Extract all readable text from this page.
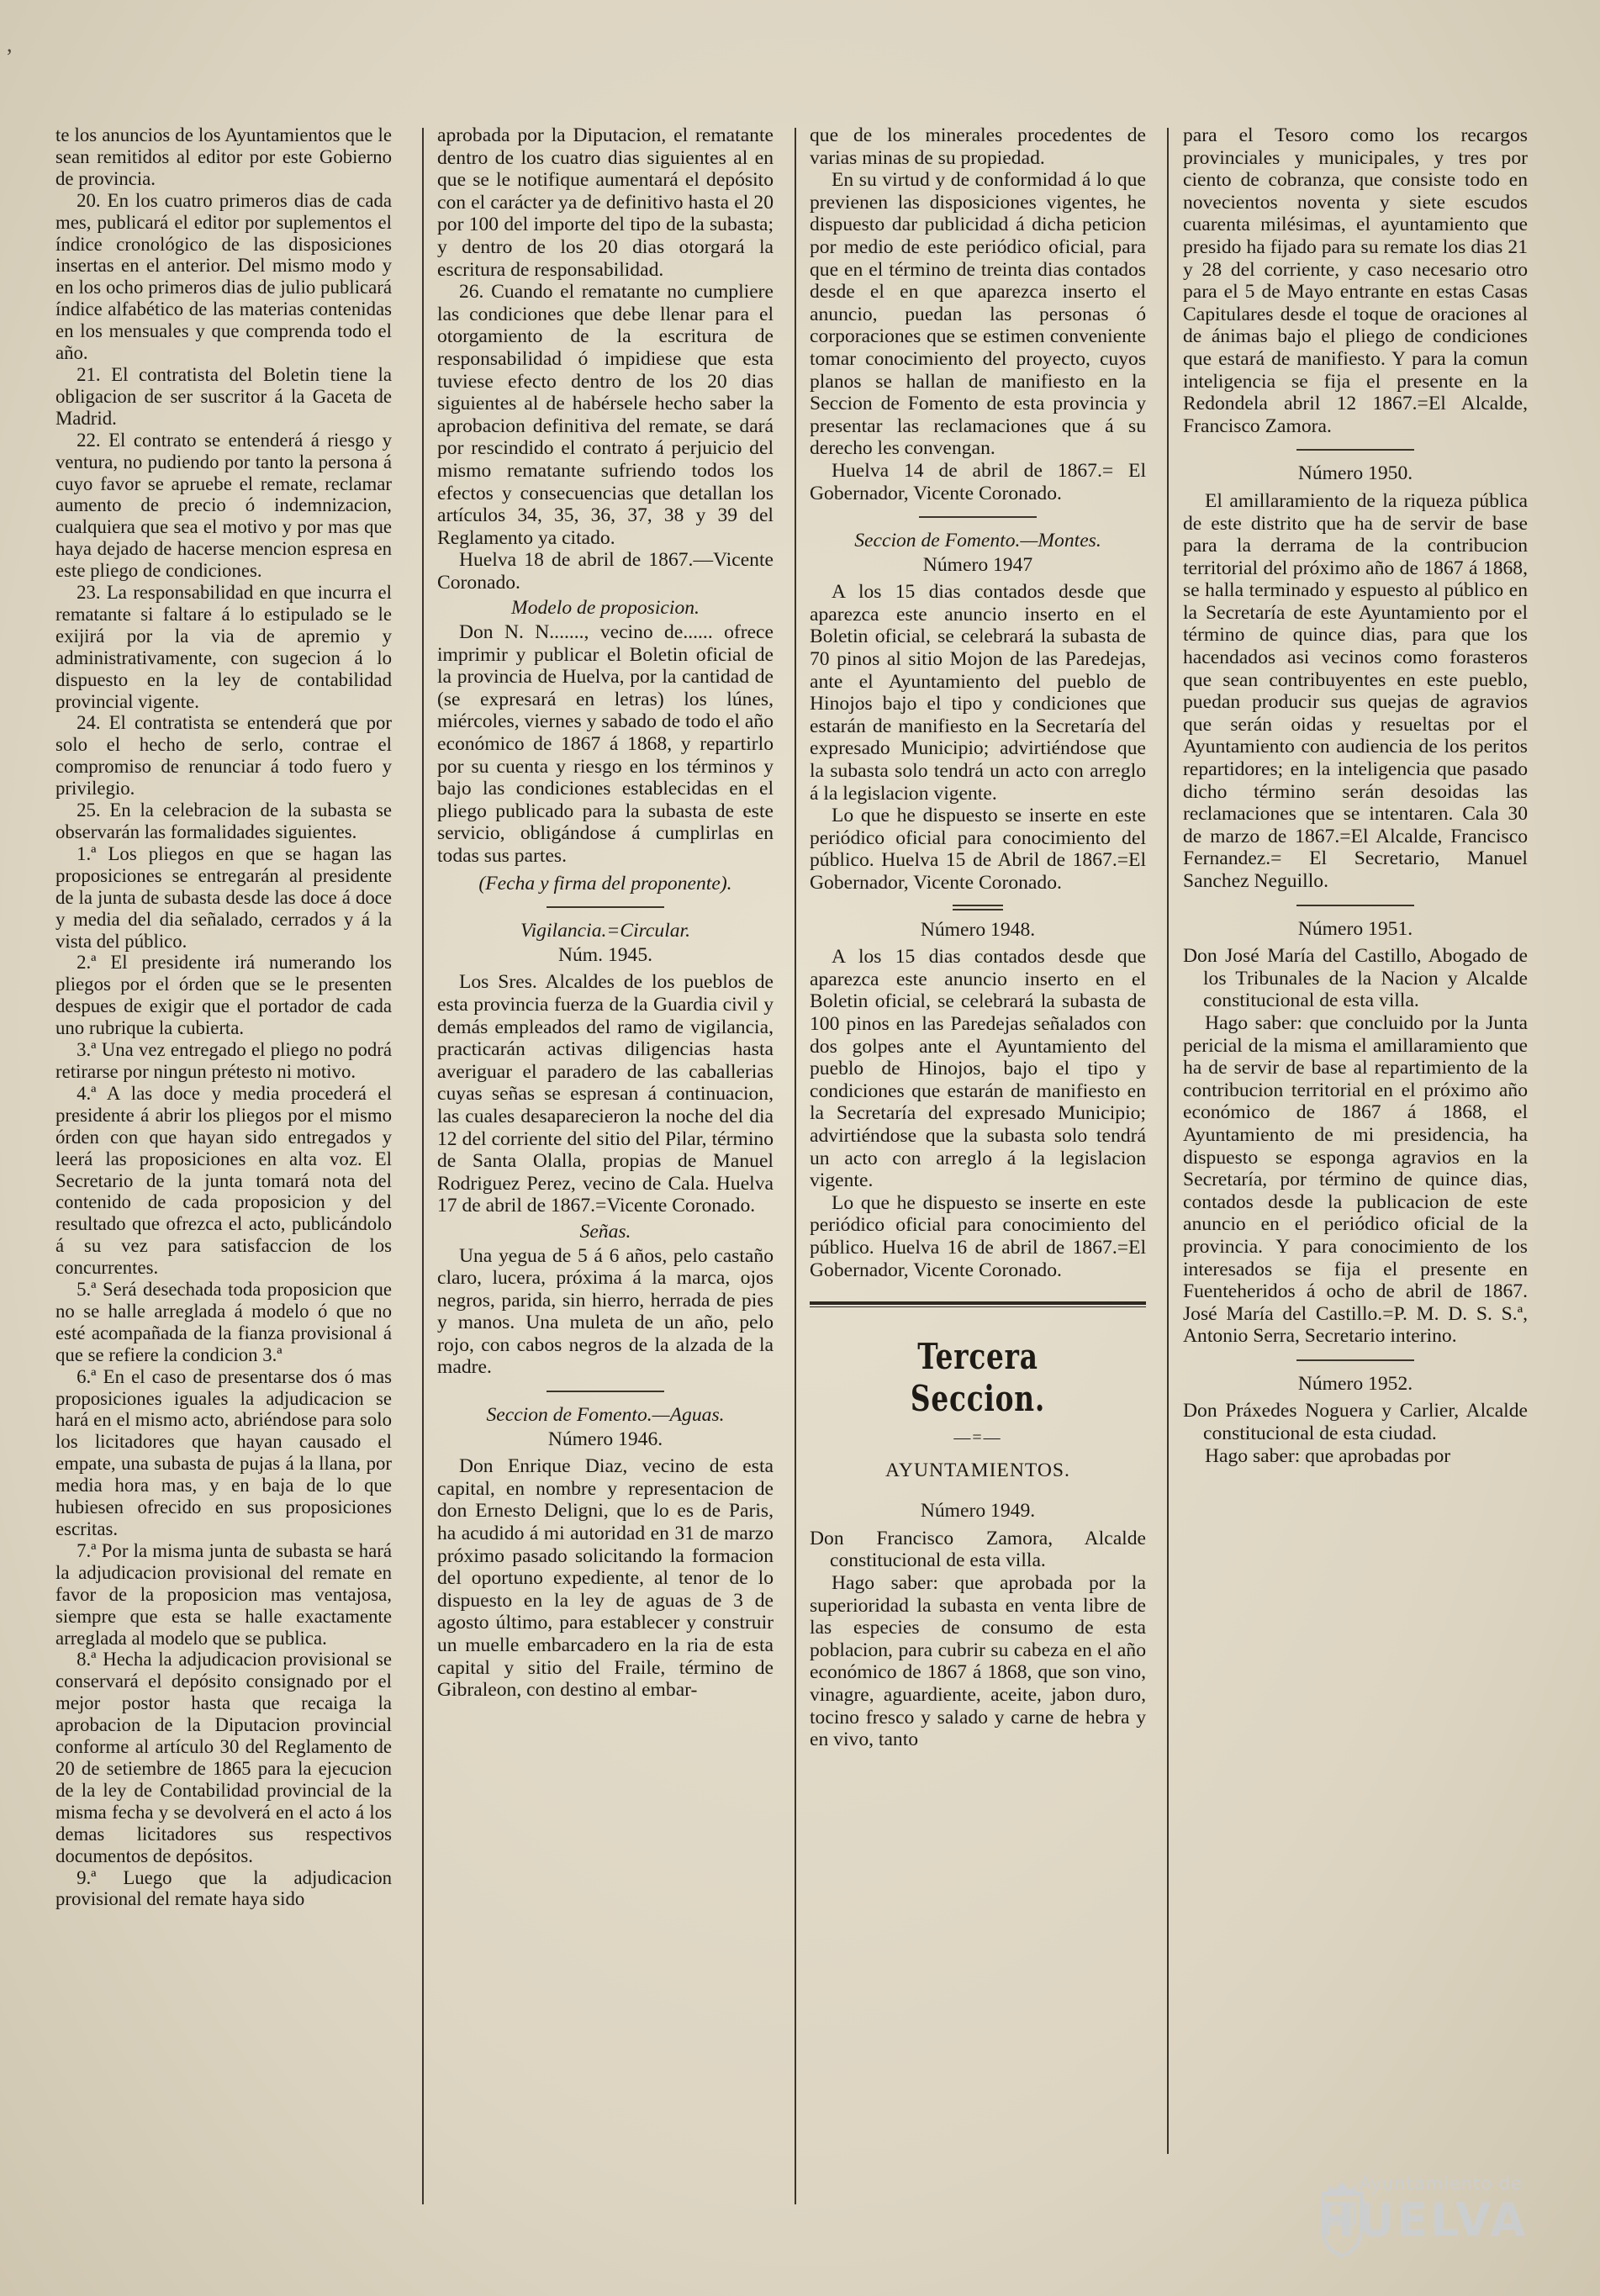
,

te los anuncios de los Ayuntamientos que le sean remitidos al editor por este Gobierno de provincia.

20. En los cuatro primeros dias de cada mes, publicará el editor por suplementos el índice cronológico de las disposiciones insertas en el anterior. Del mismo modo y en los ocho primeros dias de julio publicará índice alfabético de las materias contenidas en los mensuales y que comprenda todo el año.

21. El contratista del Boletin tiene la obligacion de ser suscritor á la Gaceta de Madrid.

22. El contrato se entenderá á riesgo y ventura, no pudiendo por tanto la persona á cuyo favor se apruebe el remate, reclamar aumento de precio ó indemnizacion, cualquiera que sea el motivo y por mas que haya dejado de hacerse mencion espresa en este pliego de condiciones.

23. La responsabilidad en que incurra el rematante si faltare á lo estipulado se le exijirá por la via de apremio y administrativamente, con sugecion á lo dispuesto en la ley de contabilidad provincial vigente.

24. El contratista se entenderá que por solo el hecho de serlo, contrae el compromiso de renunciar á todo fuero y privilegio.

25. En la celebracion de la subasta se observarán las formalidades siguientes.

1.ª Los pliegos en que se hagan las proposiciones se entregarán al presidente de la junta de subasta desde las doce á doce y media del dia señalado, cerrados y á la vista del público.

2.ª El presidente irá numerando los pliegos por el órden que se le presenten despues de exigir que el portador de cada uno rubrique la cubierta.

3.ª Una vez entregado el pliego no podrá retirarse por ningun prétesto ni motivo.

4.ª A las doce y media procederá el presidente á abrir los pliegos por el mismo órden con que hayan sido entregados y leerá las proposiciones en alta voz. El Secretario de la junta tomará nota del contenido de cada proposicion y del resultado que ofrezca el acto, publicándolo á su vez para satisfaccion de los concurrentes.

5.ª Será desechada toda proposicion que no se halle arreglada á modelo ó que no esté acompañada de la fianza provisional á que se refiere la condicion 3.ª

6.ª En el caso de presentarse dos ó mas proposiciones iguales la adjudicacion se hará en el mismo acto, abriéndose para solo los licitadores que hayan causado el empate, una subasta de pujas á la llana, por media hora mas, y en baja de lo que hubiesen ofrecido en sus proposiciones escritas.

7.ª Por la misma junta de subasta se hará la adjudicacion provisional del remate en favor de la proposicion mas ventajosa, siempre que esta se halle exactamente arreglada al modelo que se publica.

8.ª Hecha la adjudicacion provisional se conservará el depósito consignado por el mejor postor hasta que recaiga la aprobacion de la Diputacion provincial conforme al artículo 30 del Reglamento de 20 de setiembre de 1865 para la ejecucion de la ley de Contabilidad provincial de la misma fecha y se devolverá en el acto á los demas licitadores sus respectivos documentos de depósitos.

9.ª Luego que la adjudicacion provisional del remate haya sido

aprobada por la Diputacion, el rematante dentro de los cuatro dias siguientes al en que se le notifique aumentará el depósito con el carácter ya de definitivo hasta el 20 por 100 del importe del tipo de la subasta; y dentro de los 20 dias otorgará la escritura de responsabilidad.

26. Cuando el rematante no cumpliere las condiciones que debe llenar para el otorgamiento de la escritura de responsabilidad ó impidiese que esta tuviese efecto dentro de los 20 dias siguientes al de habérsele hecho saber la aprobacion definitiva del remate, se dará por rescindido el contrato á perjuicio del mismo rematante sufriendo todos los efectos y consecuencias que detallan los artículos 34, 35, 36, 37, 38 y 39 del Reglamento ya citado.

Huelva 18 de abril de 1867.—Vicente Coronado.

Modelo de proposicion.

Don N. N......., vecino de...... ofrece imprimir y publicar el Boletin oficial de la provincia de Huelva, por la cantidad de (se expresará en letras) los lúnes, miércoles, viernes y sabado de todo el año económico de 1867 á 1868, y repartirlo por su cuenta y riesgo en los términos y bajo las condiciones establecidas en el pliego publicado para la subasta de este servicio, obligándose á cumplirlas en todas sus partes.

(Fecha y firma del proponente).

Vigilancia.=Circular.

Núm. 1945.

Los Sres. Alcaldes de los pueblos de esta provincia fuerza de la Guardia civil y demás empleados del ramo de vigilancia, practicarán activas diligencias hasta averiguar el paradero de las caballerias cuyas señas se espresan á continuacion, las cuales desaparecieron la noche del dia 12 del corriente del sitio del Pilar, término de Santa Olalla, propias de Manuel Rodriguez Perez, vecino de Cala. Huelva 17 de abril de 1867.=Vicente Coronado.

Señas.

Una yegua de 5 á 6 años, pelo castaño claro, lucera, próxima á la marca, ojos negros, parida, sin hierro, herrada de pies y manos. Una muleta de un año, pelo rojo, con cabos negros de la alzada de la madre.

Seccion de Fomento.—Aguas.

Número 1946.

Don Enrique Diaz, vecino de esta capital, en nombre y representacion de don Ernesto Deligni, que lo es de Paris, ha acudido á mi autoridad en 31 de marzo próximo pasado solicitando la formacion del oportuno expediente, al tenor de lo dispuesto en la ley de aguas de 3 de agosto último, para establecer y construir un muelle embarcadero en la ria de esta capital y sitio del Fraile, término de Gibraleon, con destino al embar-

que de los minerales procedentes de varias minas de su propiedad.

En su virtud y de conformidad á lo que previenen las disposiciones vigentes, he dispuesto dar publicidad á dicha peticion por medio de este periódico oficial, para que en el término de treinta dias contados desde el en que aparezca inserto el anuncio, puedan las personas ó corporaciones que se estimen conveniente tomar conocimiento del proyecto, cuyos planos se hallan de manifiesto en la Seccion de Fomento de esta provincia y presentar las reclamaciones que á su derecho les convengan.

Huelva 14 de abril de 1867.= El Gobernador, Vicente Coronado.

Seccion de Fomento.—Montes.

Número 1947

A los 15 dias contados desde que aparezca este anuncio inserto en el Boletin oficial, se celebrará la subasta de 70 pinos al sitio Mojon de las Paredejas, ante el Ayuntamiento del pueblo de Hinojos bajo el tipo y condiciones que estarán de manifiesto en la Secretaría del expresado Municipio; advirtiéndose que la subasta solo tendrá un acto con arreglo á la legislacion vigente.

Lo que he dispuesto se inserte en este periódico oficial para conocimiento del público. Huelva 15 de Abril de 1867.=El Gobernador, Vicente Coronado.

Número 1948.

A los 15 dias contados desde que aparezca este anuncio inserto en el Boletin oficial, se celebrará la subasta de 100 pinos en las Paredejas señalados con dos golpes ante el Ayuntamiento del pueblo de Hinojos, bajo el tipo y condiciones que estarán de manifiesto en la Secretaría del expresado Municipio; advirtiéndose que la subasta solo tendrá un acto con arreglo á la legislacion vigente.

Lo que he dispuesto se inserte en este periódico oficial para conocimiento del público. Huelva 16 de abril de 1867.=El Gobernador, Vicente Coronado.

Tercera Seccion.

—=—

AYUNTAMIENTOS.

Número 1949.

Don Francisco Zamora, Alcalde constitucional de esta villa.

Hago saber: que aprobada por la superioridad la subasta en venta libre de las especies de consumo de esta poblacion, para cubrir su cabeza en el año económico de 1867 á 1868, que son vino, vinagre, aguardiente, aceite, jabon duro, tocino fresco y salado y carne de hebra y en vivo, tanto

para el Tesoro como los recargos provinciales y municipales, y tres por ciento de cobranza, que consiste todo en novecientos noventa y siete escudos cuarenta milésimas, el ayuntamiento que presido ha fijado para su remate los dias 21 y 28 del corriente, y caso necesario otro para el 5 de Mayo entrante en estas Casas Capitulares desde el toque de oraciones al de ánimas bajo el pliego de condiciones que estará de manifiesto. Y para la comun inteligencia se fija el presente en la Redondela abril 12 1867.=El Alcalde, Francisco Zamora.

Número 1950.

El amillaramiento de la riqueza pública de este distrito que ha de servir de base para la derrama de la contribucion territorial del próximo año de 1867 á 1868, se halla terminado y espuesto al público en la Secretaría de este Ayuntamiento por el término de quince dias, para que los hacendados asi vecinos como forasteros que sean contribuyentes en este pueblo, puedan producir sus quejas de agravios que serán oidas y resueltas por el Ayuntamiento con audiencia de los peritos repartidores; en la inteligencia que pasado dicho término serán desoidas las reclamaciones que se intentaren. Cala 30 de marzo de 1867.=El Alcalde, Francisco Fernandez.= El Secretario, Manuel Sanchez Neguillo.

Número 1951.

Don José María del Castillo, Abogado de los Tribunales de la Nacion y Alcalde constitucional de esta villa.

Hago saber: que concluido por la Junta pericial de la misma el amillaramiento que ha de servir de base al repartimiento de la contribucion territorial en el próximo año económico de 1867 á 1868, el Ayuntamiento de mi presidencia, ha dispuesto se esponga agravios en la Secretaría, por término de quince dias, contados desde la publicacion de este anuncio en el periódico oficial de la provincia. Y para conocimiento de los interesados se fija el presente en Fuenteheridos á ocho de abril de 1867. José María del Castillo.=P. M. D. S. S.ª, Antonio Serra, Secretario interino.

Número 1952.

Don Práxedes Noguera y Carlier, Alcalde constitucional de esta ciudad.

Hago saber: que aprobadas por

Ayuntamiento de
HUELVA
